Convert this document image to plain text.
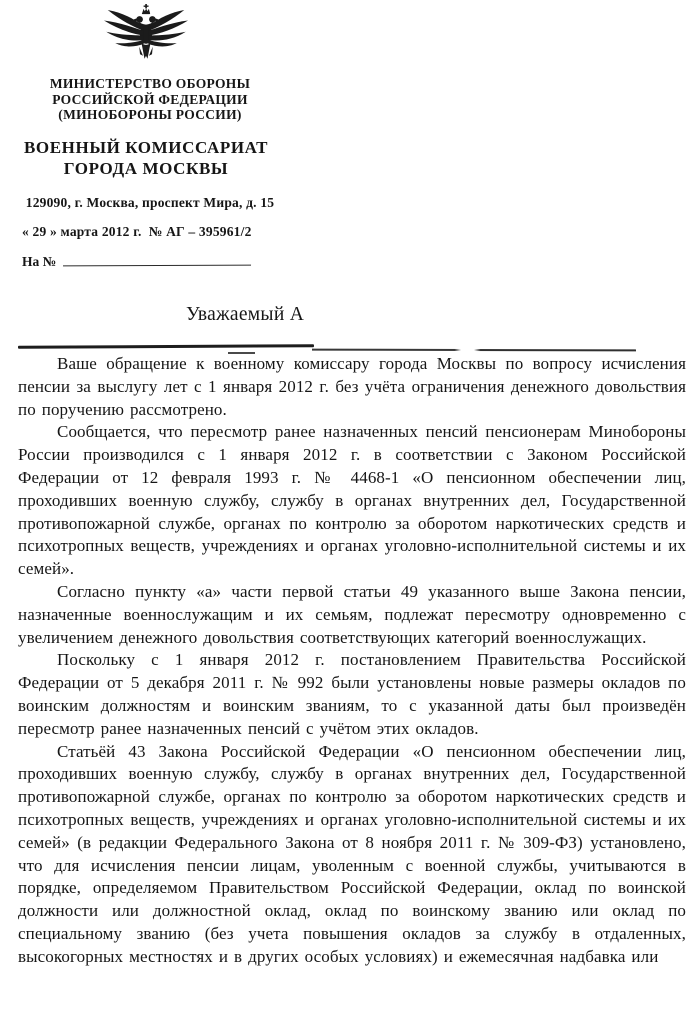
МИНИСТЕРСТВО ОБОРОНЫ
РОССИЙСКОЙ ФЕДЕРАЦИИ
(МИНОБОРОНЫ РОССИИ)
ВОЕННЫЙ КОМИССАРИАТ
ГОРОДА МОСКВЫ
129090, г. Москва, проспект Мира, д. 15
« 29 » марта 2012 г.  № АГ – 395961/2
На №
Уважаемый А

Ваше обращение к военному комиссару города Москвы по вопросу исчисления пенсии за выслугу лет с 1 января 2012 г. без учёта ограничения денежного довольствия по поручению рассмотрено.

Сообщается, что пересмотр ранее назначенных пенсий пенсионерам Минобороны России производился с 1 января 2012 г. в соответствии с Законом Российской Федерации от 12 февраля 1993 г. № 4468-1 «О пенсионном обеспечении лиц, проходивших военную службу, службу в органах внутренних дел, Государственной противопожарной службе, органах по контролю за оборотом наркотических средств и психотропных веществ, учреждениях и органах уголовно-исполнительной системы и их семей».

Согласно пункту «а» части первой статьи 49 указанного выше Закона пенсии, назначенные военнослужащим и их семьям, подлежат пересмотру одновременно с увеличением денежного довольствия соответствующих категорий военнослужащих.

Поскольку с 1 января 2012 г. постановлением Правительства Российской Федерации от 5 декабря 2011 г. № 992 были установлены новые размеры окладов по воинским должностям и воинским званиям, то с указанной даты был произведён пересмотр ранее назначенных пенсий с учётом этих окладов.

Статьёй 43 Закона Российской Федерации «О пенсионном обеспечении лиц, проходивших военную службу, службу в органах внутренних дел, Государственной противопожарной службе, органах по контролю за оборотом наркотических средств и психотропных веществ, учреждениях и органах уголовно-исполнительной системы и их семей» (в редакции Федерального Закона от 8 ноября 2011 г. № 309-ФЗ) установлено, что для исчисления пенсии лицам, уволенным с военной службы, учитываются в порядке, определяемом Правительством Российской Федерации, оклад по воинской должности или должностной оклад, оклад по воинскому званию или оклад по специальному званию (без учета повышения окладов за службу в отдаленных, высокогорных местностях и в других особых условиях) и ежемесячная надбавка или
